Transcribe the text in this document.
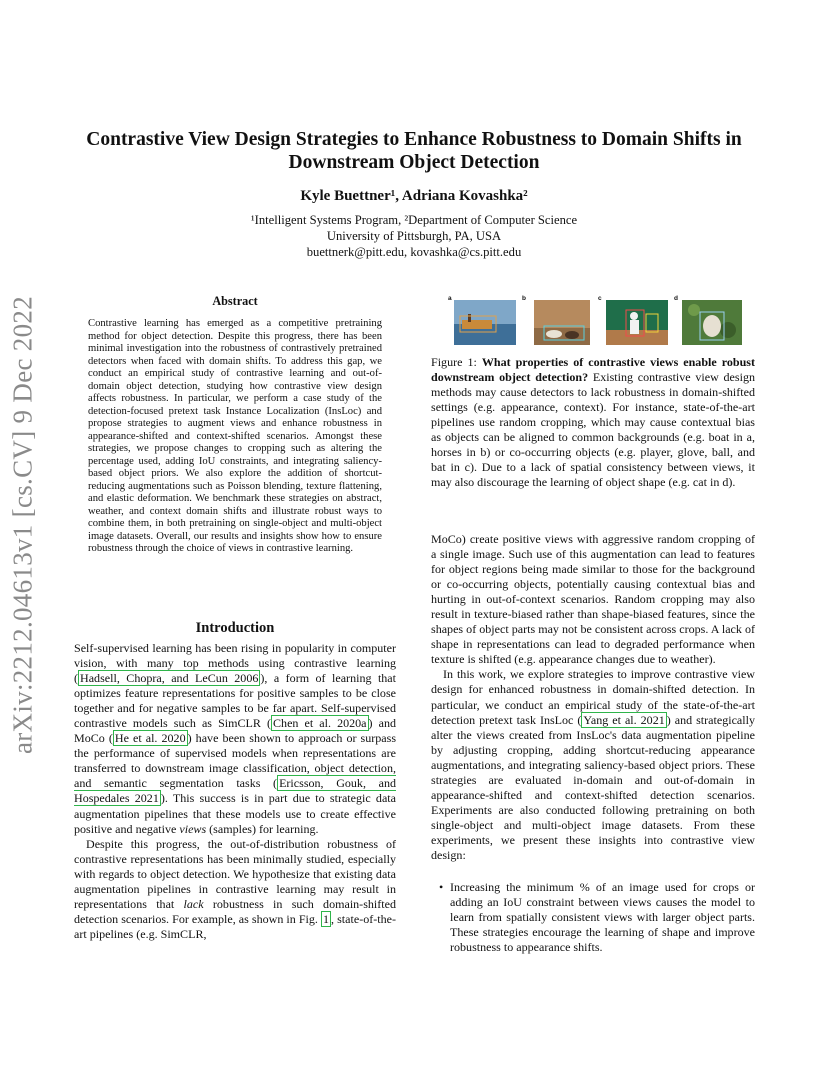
Contrastive View Design Strategies to Enhance Robustness to Domain Shifts in Downstream Object Detection
Kyle Buettner¹, Adriana Kovashka²
¹Intelligent Systems Program, ²Department of Computer Science
University of Pittsburgh, PA, USA
buettnerk@pitt.edu, kovashka@cs.pitt.edu
arXiv:2212.04613v1 [cs.CV] 9 Dec 2022	Abstract
Contrastive learning has emerged as a competitive pretraining method for object detection. Despite this progress, there has been minimal investigation into the robustness of contrastively pretrained detectors when faced with domain shifts. To address this gap, we conduct an empirical study of contrastive learning and out-of-domain object detection, studying how contrastive view design affects robustness. In particular, we perform a case study of the detection-focused pretext task Instance Localization (InsLoc) and propose strategies to augment views and enhance robustness in appearance-shifted and context-shifted scenarios. Amongst these strategies, we propose changes to cropping such as altering the percentage used, adding IoU constraints, and integrating saliency-based object priors. We also explore the addition of shortcut-reducing augmentations such as Poisson blending, texture flattening, and elastic deformation. We benchmark these strategies on abstract, weather, and context domain shifts and illustrate robust ways to combine them, in both pretraining on single-object and multi-object image datasets. Overall, our results and insights show how to ensure robustness through the choice of views in contrastive learning.
Introduction

Self-supervised learning has been rising in popularity in computer vision, with many top methods using contrastive learning ( Hadsell, Chopra, and LeCun 2006 ), a form of learning that optimizes feature representations for positive samples to be close together and for negative samples to be far apart. Self-supervised contrastive models such as SimCLR ( Chen et al. 2020a ) and MoCo ( He et al. 2020 ) have been shown to approach or surpass the performance of supervised models when representations are transferred to downstream image classification, object detection, and semantic segmentation tasks ( Ericsson, Gouk, and Hospedales 2021 ). This success is in part due to strategic data augmentation pipelines that these models use to create effective positive and negative views (samples) for learning.

Despite this progress, the out-of-distribution robustness of contrastive representations has been minimally studied, especially with regards to object detection. We hypothesize that existing data augmentation pipelines in contrastive learning may result in representations that lack robustness in such domain-shifted detection scenarios. For example, as shown in Fig. 1 , state-of-the-art pipelines (e.g. SimCLR,

a	b	c	d
Figure 1: What properties of contrastive views enable robust downstream object detection? Existing contrastive view design methods may cause detectors to lack robustness in domain-shifted settings (e.g. appearance, context). For instance, state-of-the-art pipelines use random cropping, which may cause contextual bias as objects can be aligned to common backgrounds (e.g. boat in a, horses in b) or co-occurring objects (e.g. player, glove, ball, and bat in c). Due to a lack of spatial consistency between views, it may also discourage the learning of object shape (e.g. cat in d).

MoCo) create positive views with aggressive random cropping of a single image. Such use of this augmentation can lead to features for object regions being made similar to those for the background or co-occurring objects, potentially causing contextual bias and hurting in out-of-context scenarios. Random cropping may also result in texture-biased rather than shape-biased features, since the shapes of object parts may not be consistent across crops. A lack of shape in representations can lead to degraded performance when texture is shifted (e.g. appearance changes due to weather).

In this work, we explore strategies to improve contrastive view design for enhanced robustness in domain-shifted detection. In particular, we conduct an empirical study of the state-of-the-art detection pretext task InsLoc ( Yang et al. 2021 ) and strategically alter the views created from InsLoc's data augmentation pipeline by adjusting cropping, adding shortcut-reducing appearance augmentations, and integrating saliency-based object priors. These strategies are evaluated in-domain and out-of-domain in appearance-shifted and context-shifted detection scenarios. Experiments are also conducted following pretraining on both single-object and multi-object image datasets. From these experiments, we present these insights into contrastive view design:

• Increasing the minimum % of an image used for crops or adding an IoU constraint between views causes the model to learn from spatially consistent views with larger object parts. These strategies encourage the learning of shape and improve robustness to appearance shifts.
